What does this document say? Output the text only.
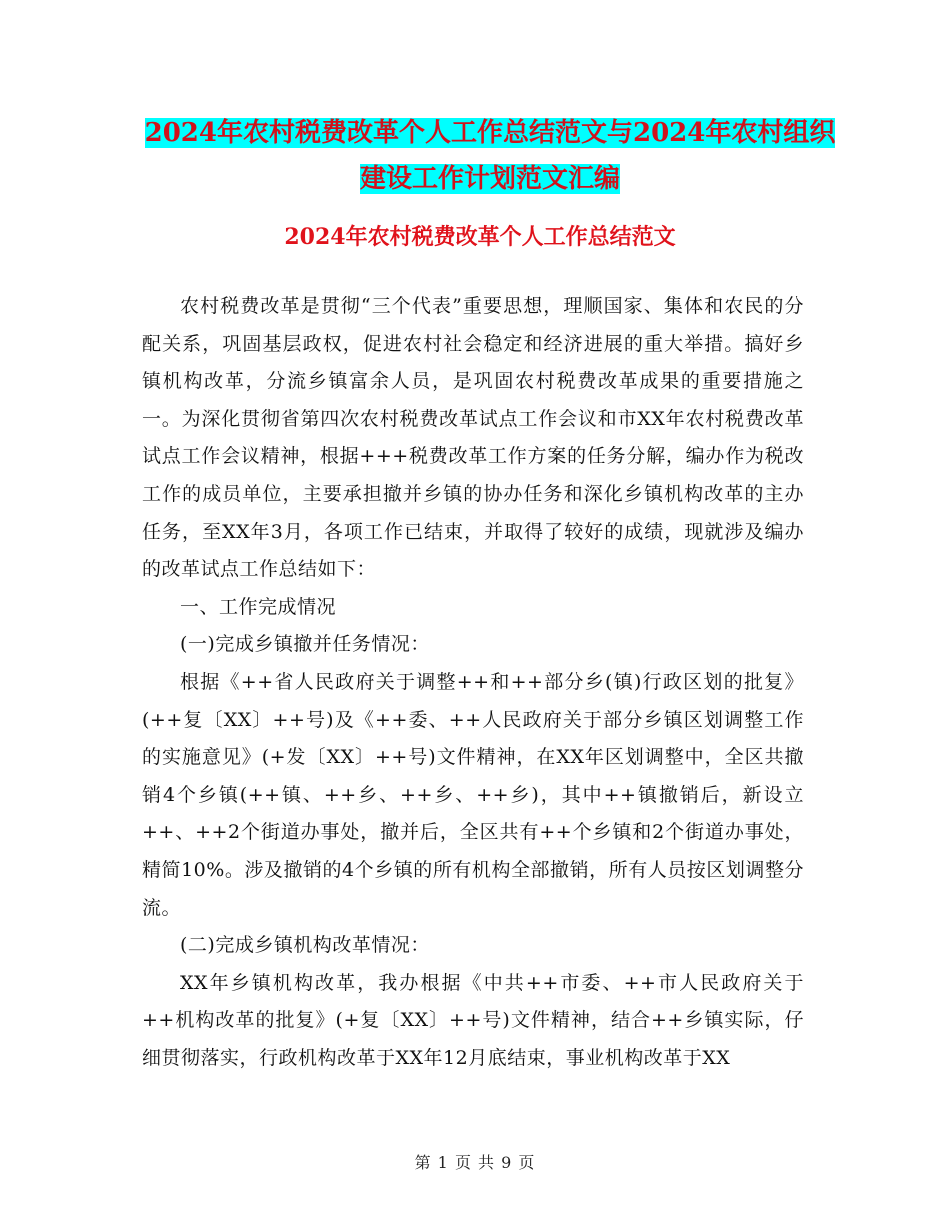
2024年农村税费改革个人工作总结范文与2024年农村组织建设工作计划范文汇编
2024年农村税费改革个人工作总结范文

农村税费改革是贯彻“三个代表”重要思想，理顺国家、集体和农民的分配关系，巩固基层政权，促进农村社会稳定和经济进展的重大举措。搞好乡镇机构改革，分流乡镇富余人员，是巩固农村税费改革成果的重要措施之一。为深化贯彻省第四次农村税费改革试点工作会议和市XX年农村税费改革试点工作会议精神，根据+++税费改革工作方案的任务分解，编办作为税改工作的成员单位，主要承担撤并乡镇的协办任务和深化乡镇机构改革的主办任务，至XX年3月，各项工作已结束，并取得了较好的成绩，现就涉及编办的改革试点工作总结如下：

一、工作完成情况

(一)完成乡镇撤并任务情况：

根据《++省人民政府关于调整++和++部分乡(镇)行政区划的批复》(++复〔XX〕++号)及《++委、++人民政府关于部分乡镇区划调整工作的实施意见》(+发〔XX〕++号)文件精神，在XX年区划调整中，全区共撤销4个乡镇(++镇、++乡、++乡、++乡)，其中++镇撤销后，新设立++、++2个街道办事处，撤并后，全区共有++个乡镇和2个街道办事处，精简10%。涉及撤销的4个乡镇的所有机构全部撤销，所有人员按区划调整分流。

(二)完成乡镇机构改革情况：

XX年乡镇机构改革，我办根据《中共++市委、++市人民政府关于++机构改革的批复》(+复〔XX〕++号)文件精神，结合++乡镇实际，仔细贯彻落实，行政机构改革于XX年12月底结束，事业机构改革于XX

第 1 页 共 9 页
